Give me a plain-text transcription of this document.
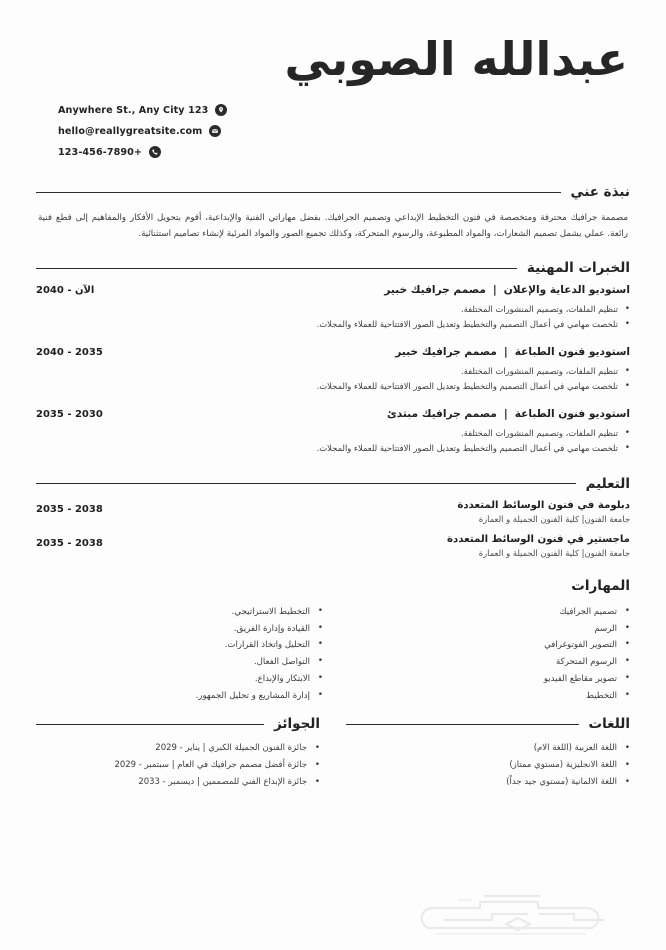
عبدالله الصوبي
Anywhere St., Any City 123
hello@reallygreatsite.com
123-456-7890+
نبذة عني

مصممة جرافيك محترفة ومتخصصة في فنون التخطيط الإبداعي وتصميم الجرافيك. بفضل مهاراتي الفنية والإبداعية، أقوم بتحويل الأفكار والمفاهيم إلى قطع فنية رائعة. عملي يشمل تصميم الشعارات، والمواد المطبوعة، والرسوم المتحركة، وكذلك تجميع الصور والمواد المرئية لإنشاء تصاميم استثنائية.

الخبرات المهنية
استوديو الدعاية والإعلان|مصمم جرافيك خبير
2040 - الآن
• تنظيم الملفات، وتصميم المنشورات المختلفة.
• تلخصت مهامي في أعمال التصميم والتخطيط وتعديل الصور الافتتاحية للعملاء والمجلات.
استوديو فنون الطباعة|مصمم جرافيك خبير
2040 - 2035
• تنظيم الملفات، وتصميم المنشورات المختلفة.
• تلخصت مهامي في أعمال التصميم والتخطيط وتعديل الصور الافتتاحية للعملاء والمجلات.
استوديو فنون الطباعة|مصمم جرافيك مبتدئ
2035 - 2030
• تنظيم الملفات، وتصميم المنشورات المختلفة.
• تلخصت مهامي في أعمال التصميم والتخطيط وتعديل الصور الافتتاحية للعملاء والمجلات.
التعليم
دبلومة في فنون الوسائط المتعددة
جامعة الفنون| كلية الفنون الجميلة و العمارة
2035 - 2038
ماجستير في فنون الوسائط المتعددة
جامعة الفنون| كلية الفنون الجميلة و العمارة
2035 - 2038
المهارات
• تصميم الجرافيك
• الرسم
• التصوير الفوتوغرافي
• الرسوم المتحركة
• تصوير مقاطع الفيديو
• التخطيط
• التخطيط الاستراتيجي.
• القيادة وإدارة الفريق.
• التحليل واتخاذ القرارات.
• التواصل الفعال.
• الابتكار والإبداع.
• إدارة المشاريع و تحليل الجمهور.
اللغات
• اللغة العربية (اللغة الام)
• اللغة الانجليزية (مستوي ممتاز)
• اللغة الالمانية (مستوي جيد جداً)
الجوائز
• جائزة الفنون الجميلة الكبري | يناير - 2029
• جائزة أفضل مصمم جرافيك في العام | سبتمبر - 2029
• جائزة الإبداع الفني للمصممين | ديسمبر - 2033
